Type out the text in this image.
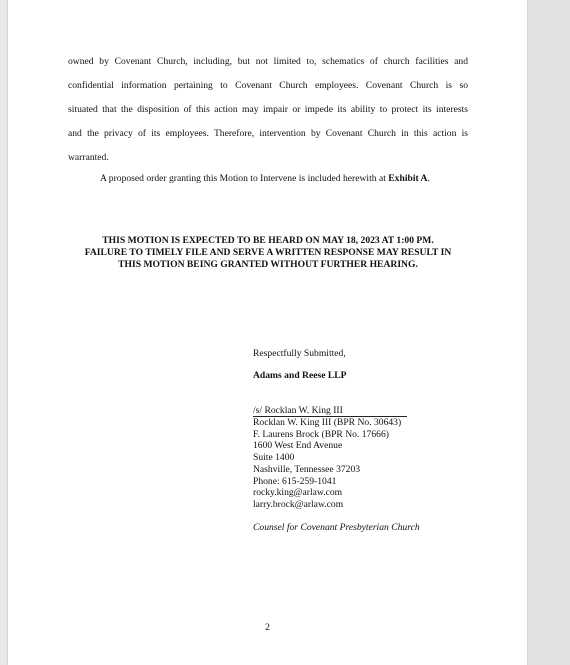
owned by Covenant Church, including, but not limited to, schematics of church facilities and
confidential information pertaining to Covenant Church employees. Covenant Church is so
situated that the disposition of this action may impair or impede its ability to protect its interests
and the privacy of its employees. Therefore, intervention by Covenant Church in this action is
warranted.
A proposed order granting this Motion to Intervene is included herewith at Exhibit A.
THIS MOTION IS EXPECTED TO BE HEARD ON MAY 18, 2023 AT 1:00 PM.
FAILURE TO TIMELY FILE AND SERVE A WRITTEN RESPONSE MAY RESULT IN
THIS MOTION BEING GRANTED WITHOUT FURTHER HEARING.
Respectfully Submitted,
Adams and Reese LLP
/s/ Rocklan W. King III
Rocklan W. King III (BPR No. 30643)
F. Laurens Brock (BPR No. 17666)
1600 West End Avenue
Suite 1400
Nashville, Tennessee 37203
Phone: 615-259-1041
rocky.king@arlaw.com
larry.brock@arlaw.com
Counsel for Covenant Presbyterian Church
2
